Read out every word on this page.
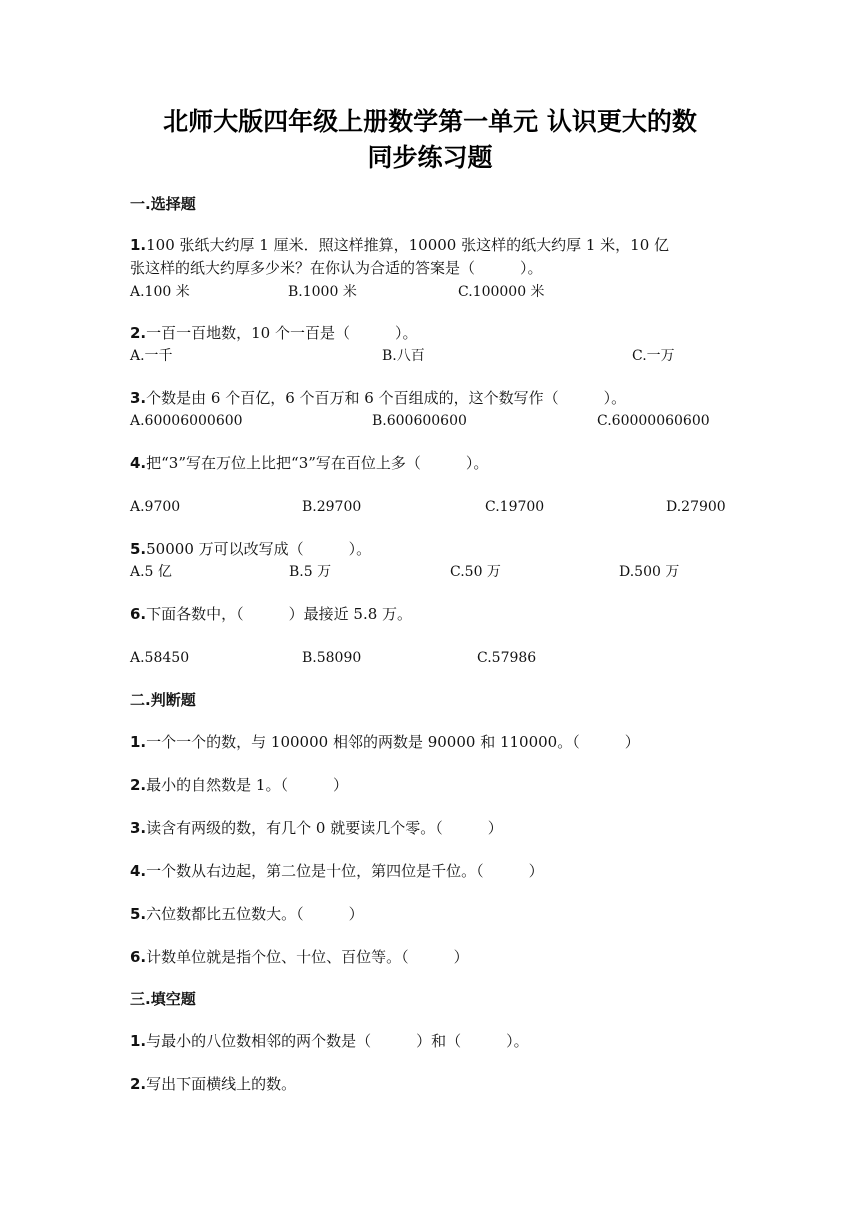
北师大版四年级上册数学第一单元 认识更大的数
同步练习题
一.选择题
1.100 张纸大约厚 1 厘米．照这样推算，10000 张这样的纸大约厚 1 米，10 亿
张这样的纸大约厚多少米？在你认为合适的答案是（　　　）。
A.100 米	B.1000 米	C.100000 米
2.一百一百地数，10 个一百是（　　　）。
A.一千	B.八百	C.一万
3.个数是由 6 个百亿，6 个百万和 6 个百组成的，这个数写作（　　　）。
A.60006000600	B.600600600	C.60000060600
4.把“3”写在万位上比把“3”写在百位上多（　　　）。
A.9700	B.29700	C.19700	D.27900
5.50000 万可以改写成（　　　）。
A.5 亿	B.5 万	C.50 万	D.500 万
6.下面各数中，（　　　）最接近 5.8 万。
A.58450	B.58090	C.57986
二.判断题
1.一个一个的数，与 100000 相邻的两数是 90000 和 110000。（　　　）
2.最小的自然数是 1。（　　　）
3.读含有两级的数，有几个 0 就要读几个零。（　　　）
4.一个数从右边起，第二位是十位，第四位是千位。（　　　）
5.六位数都比五位数大。（　　　）
6.计数单位就是指个位、十位、百位等。（　　　）
三.填空题
1.与最小的八位数相邻的两个数是（　　　）和（　　　）。
2.写出下面横线上的数。
